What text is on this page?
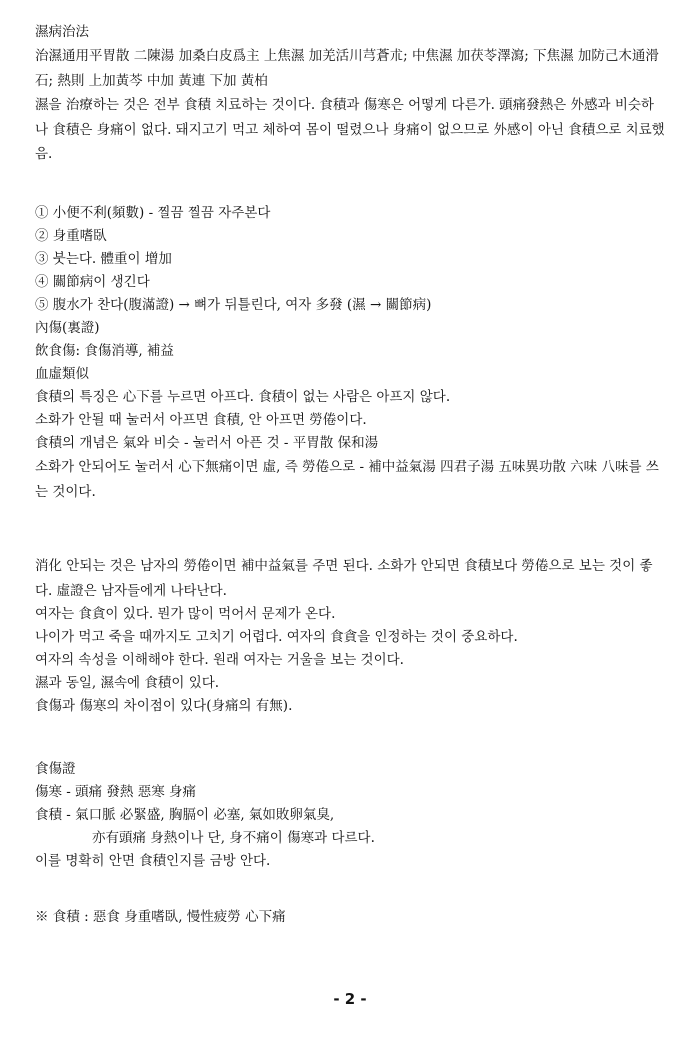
濕病治法
治濕通用平胃散 二陳湯 加桑白皮爲主 上焦濕 加羌活川芎蒼朮; 中焦濕 加茯苓澤瀉; 下焦濕 加防己木通滑石; 熱則 上加黃芩 中加 黃連 下加 黃柏
濕을 治療하는 것은 전부 食積 치료하는 것이다. 食積과 傷寒은 어떻게 다른가. 頭痛發熱은 外感과 비슷하나 食積은 身痛이 없다. 돼지고기 먹고 체하여 몸이 떨렸으나 身痛이 없으므로 外感이 아닌 食積으로 치료했음.
① 小便不利(頻數) - 찔끔 찔끔 자주본다
② 身重嗜臥
③ 붓는다. 體重이 增加
④ 關節病이 생긴다
⑤ 腹水가 찬다(腹滿證) → 뼈가 뒤틀린다, 여자 多發 (濕 → 關節病)
內傷(裏證)
飲食傷: 食傷消導, 補益
血虛類似
食積의 특징은 心下를 누르면 아프다. 食積이 없는 사람은 아프지 않다.
소화가 안될 때 눌러서 아프면 食積, 안 아프면 勞倦이다.
食積의 개념은 氣와 비슷 - 눌러서 아픈 것 - 平胃散 保和湯
소화가 안되어도 눌러서 心下無痛이면 虛, 즉 勞倦으로 - 補中益氣湯 四君子湯 五味異功散 六味 八味를 쓰는 것이다.
消化 안되는 것은 남자의 勞倦이면 補中益氣를 주면 된다. 소화가 안되면 食積보다 勞倦으로 보는 것이 좋다. 虛證은 남자들에게 나타난다.
여자는 食貪이 있다. 뭔가 많이 먹어서 문제가 온다.
나이가 먹고 죽을 때까지도 고치기 어렵다. 여자의 食貪을 인정하는 것이 중요하다.
여자의 속성을 이해해야 한다. 원래 여자는 거울을 보는 것이다.
濕과 동일, 濕속에 食積이 있다.
食傷과 傷寒의 차이점이 있다(身痛의 有無).
食傷證
傷寒 - 頭痛 發熱 惡寒 身痛
食積 - 氣口脈 必緊盛, 胸膈이 必塞, 氣如敗卵氣臭,
亦有頭痛 身熱이나 단, 身不痛이 傷寒과 다르다.
이를 명확히 안면 食積인지를 금방 안다.
※ 食積 : 惡食 身重嗜臥, 慢性疲勞 心下痛
- 2 -
